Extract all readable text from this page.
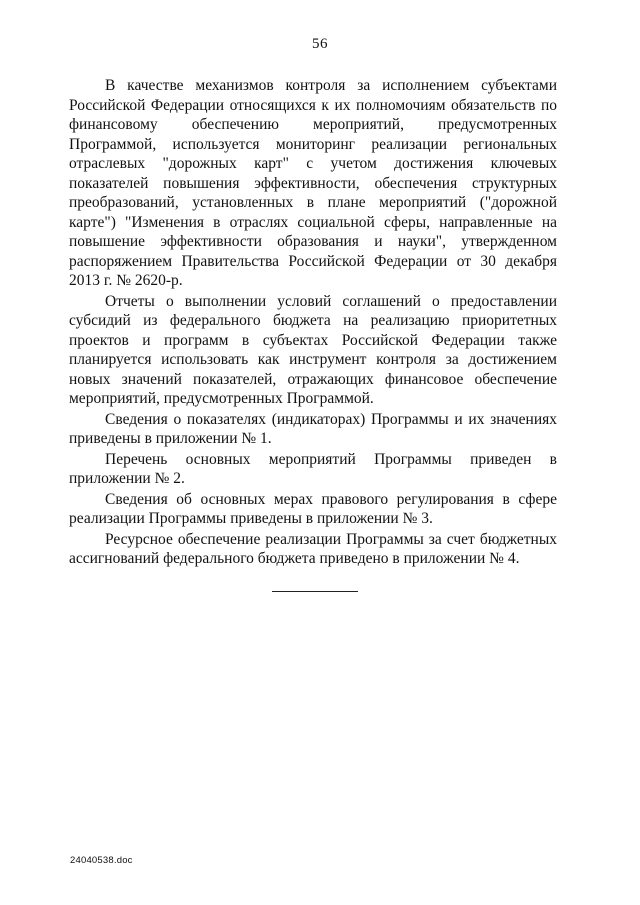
56

В качестве механизмов контроля за исполнением субъектами Российской Федерации относящихся к их полномочиям обязательств по финансовому обеспечению мероприятий, предусмотренных Программой, используется мониторинг реализации региональных отраслевых "дорожных карт" с учетом достижения ключевых показателей повышения эффективности, обеспечения структурных преобразований, установленных в плане мероприятий ("дорожной карте") "Изменения в отраслях социальной сферы, направленные на повышение эффективности образования и науки", утвержденном распоряжением Правительства Российской Федерации от 30 декабря 2013 г. № 2620-р.

Отчеты о выполнении условий соглашений о предоставлении субсидий из федерального бюджета на реализацию приоритетных проектов и программ в субъектах Российской Федерации также планируется использовать как инструмент контроля за достижением новых значений показателей, отражающих финансовое обеспечение мероприятий, предусмотренных Программой.

Сведения о показателях (индикаторах) Программы и их значениях приведены в приложении № 1.

Перечень основных мероприятий Программы приведен в приложении № 2.

Сведения об основных мерах правового регулирования в сфере реализации Программы приведены в приложении № 3.

Ресурсное обеспечение реализации Программы за счет бюджетных ассигнований федерального бюджета приведено в приложении № 4.

24040538.doc
